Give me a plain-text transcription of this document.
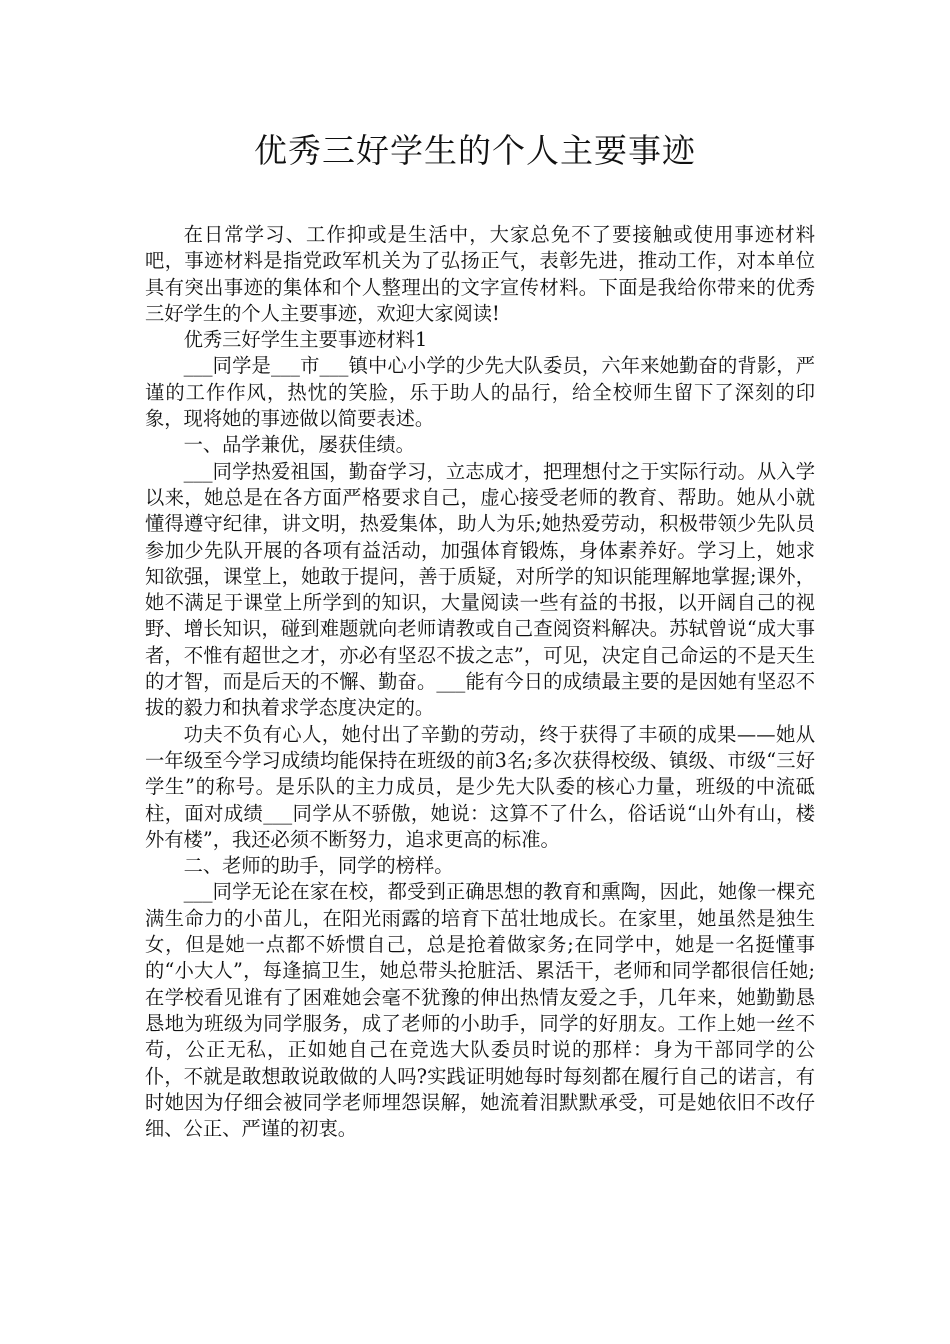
优秀三好学生的个人主要事迹

在日常学习、工作抑或是生活中，大家总免不了要接触或使用事迹材料吧，事迹材料是指党政军机关为了弘扬正气，表彰先进，推动工作，对本单位具有突出事迹的集体和个人整理出的文字宣传材料。下面是我给你带来的优秀三好学生的个人主要事迹，欢迎大家阅读!

优秀三好学生主要事迹材料1

___同学是___市___镇中心小学的少先大队委员，六年来她勤奋的背影，严谨的工作作风，热忱的笑脸，乐于助人的品行，给全校师生留下了深刻的印象，现将她的事迹做以简要表述。

一、品学兼优，屡获佳绩。

___同学热爱祖国，勤奋学习，立志成才，把理想付之于实际行动。从入学以来，她总是在各方面严格要求自己，虚心接受老师的教育、帮助。她从小就懂得遵守纪律，讲文明，热爱集体，助人为乐;她热爱劳动，积极带领少先队员参加少先队开展的各项有益活动，加强体育锻炼，身体素养好。学习上，她求知欲强，课堂上，她敢于提问，善于质疑，对所学的知识能理解地掌握;课外，她不满足于课堂上所学到的知识，大量阅读一些有益的书报，以开阔自己的视野、增长知识，碰到难题就向老师请教或自己查阅资料解决。苏轼曾说“成大事者，不惟有超世之才，亦必有坚忍不拔之志”，可见，决定自己命运的不是天生的才智，而是后天的不懈、勤奋。___能有今日的成绩最主要的是因她有坚忍不拔的毅力和执着求学态度决定的。

功夫不负有心人，她付出了辛勤的劳动，终于获得了丰硕的成果——她从一年级至今学习成绩均能保持在班级的前3名;多次获得校级、镇级、市级“三好学生”的称号。是乐队的主力成员，是少先大队委的核心力量，班级的中流砥柱，面对成绩___同学从不骄傲，她说：这算不了什么，俗话说“山外有山，楼外有楼”，我还必须不断努力，追求更高的标准。

二、老师的助手，同学的榜样。

___同学无论在家在校，都受到正确思想的教育和熏陶，因此，她像一棵充满生命力的小苗儿，在阳光雨露的培育下茁壮地成长。在家里，她虽然是独生女，但是她一点都不娇惯自己，总是抢着做家务;在同学中，她是一名挺懂事的“小大人”，每逢搞卫生，她总带头抢脏活、累活干，老师和同学都很信任她;在学校看见谁有了困难她会毫不犹豫的伸出热情友爱之手，几年来，她勤勤恳恳地为班级为同学服务，成了老师的小助手，同学的好朋友。工作上她一丝不苟，公正无私，正如她自己在竞选大队委员时说的那样：身为干部同学的公仆，不就是敢想敢说敢做的人吗?实践证明她每时每刻都在履行自己的诺言，有时她因为仔细会被同学老师埋怨误解，她流着泪默默承受，可是她依旧不改仔细、公正、严谨的初衷。
